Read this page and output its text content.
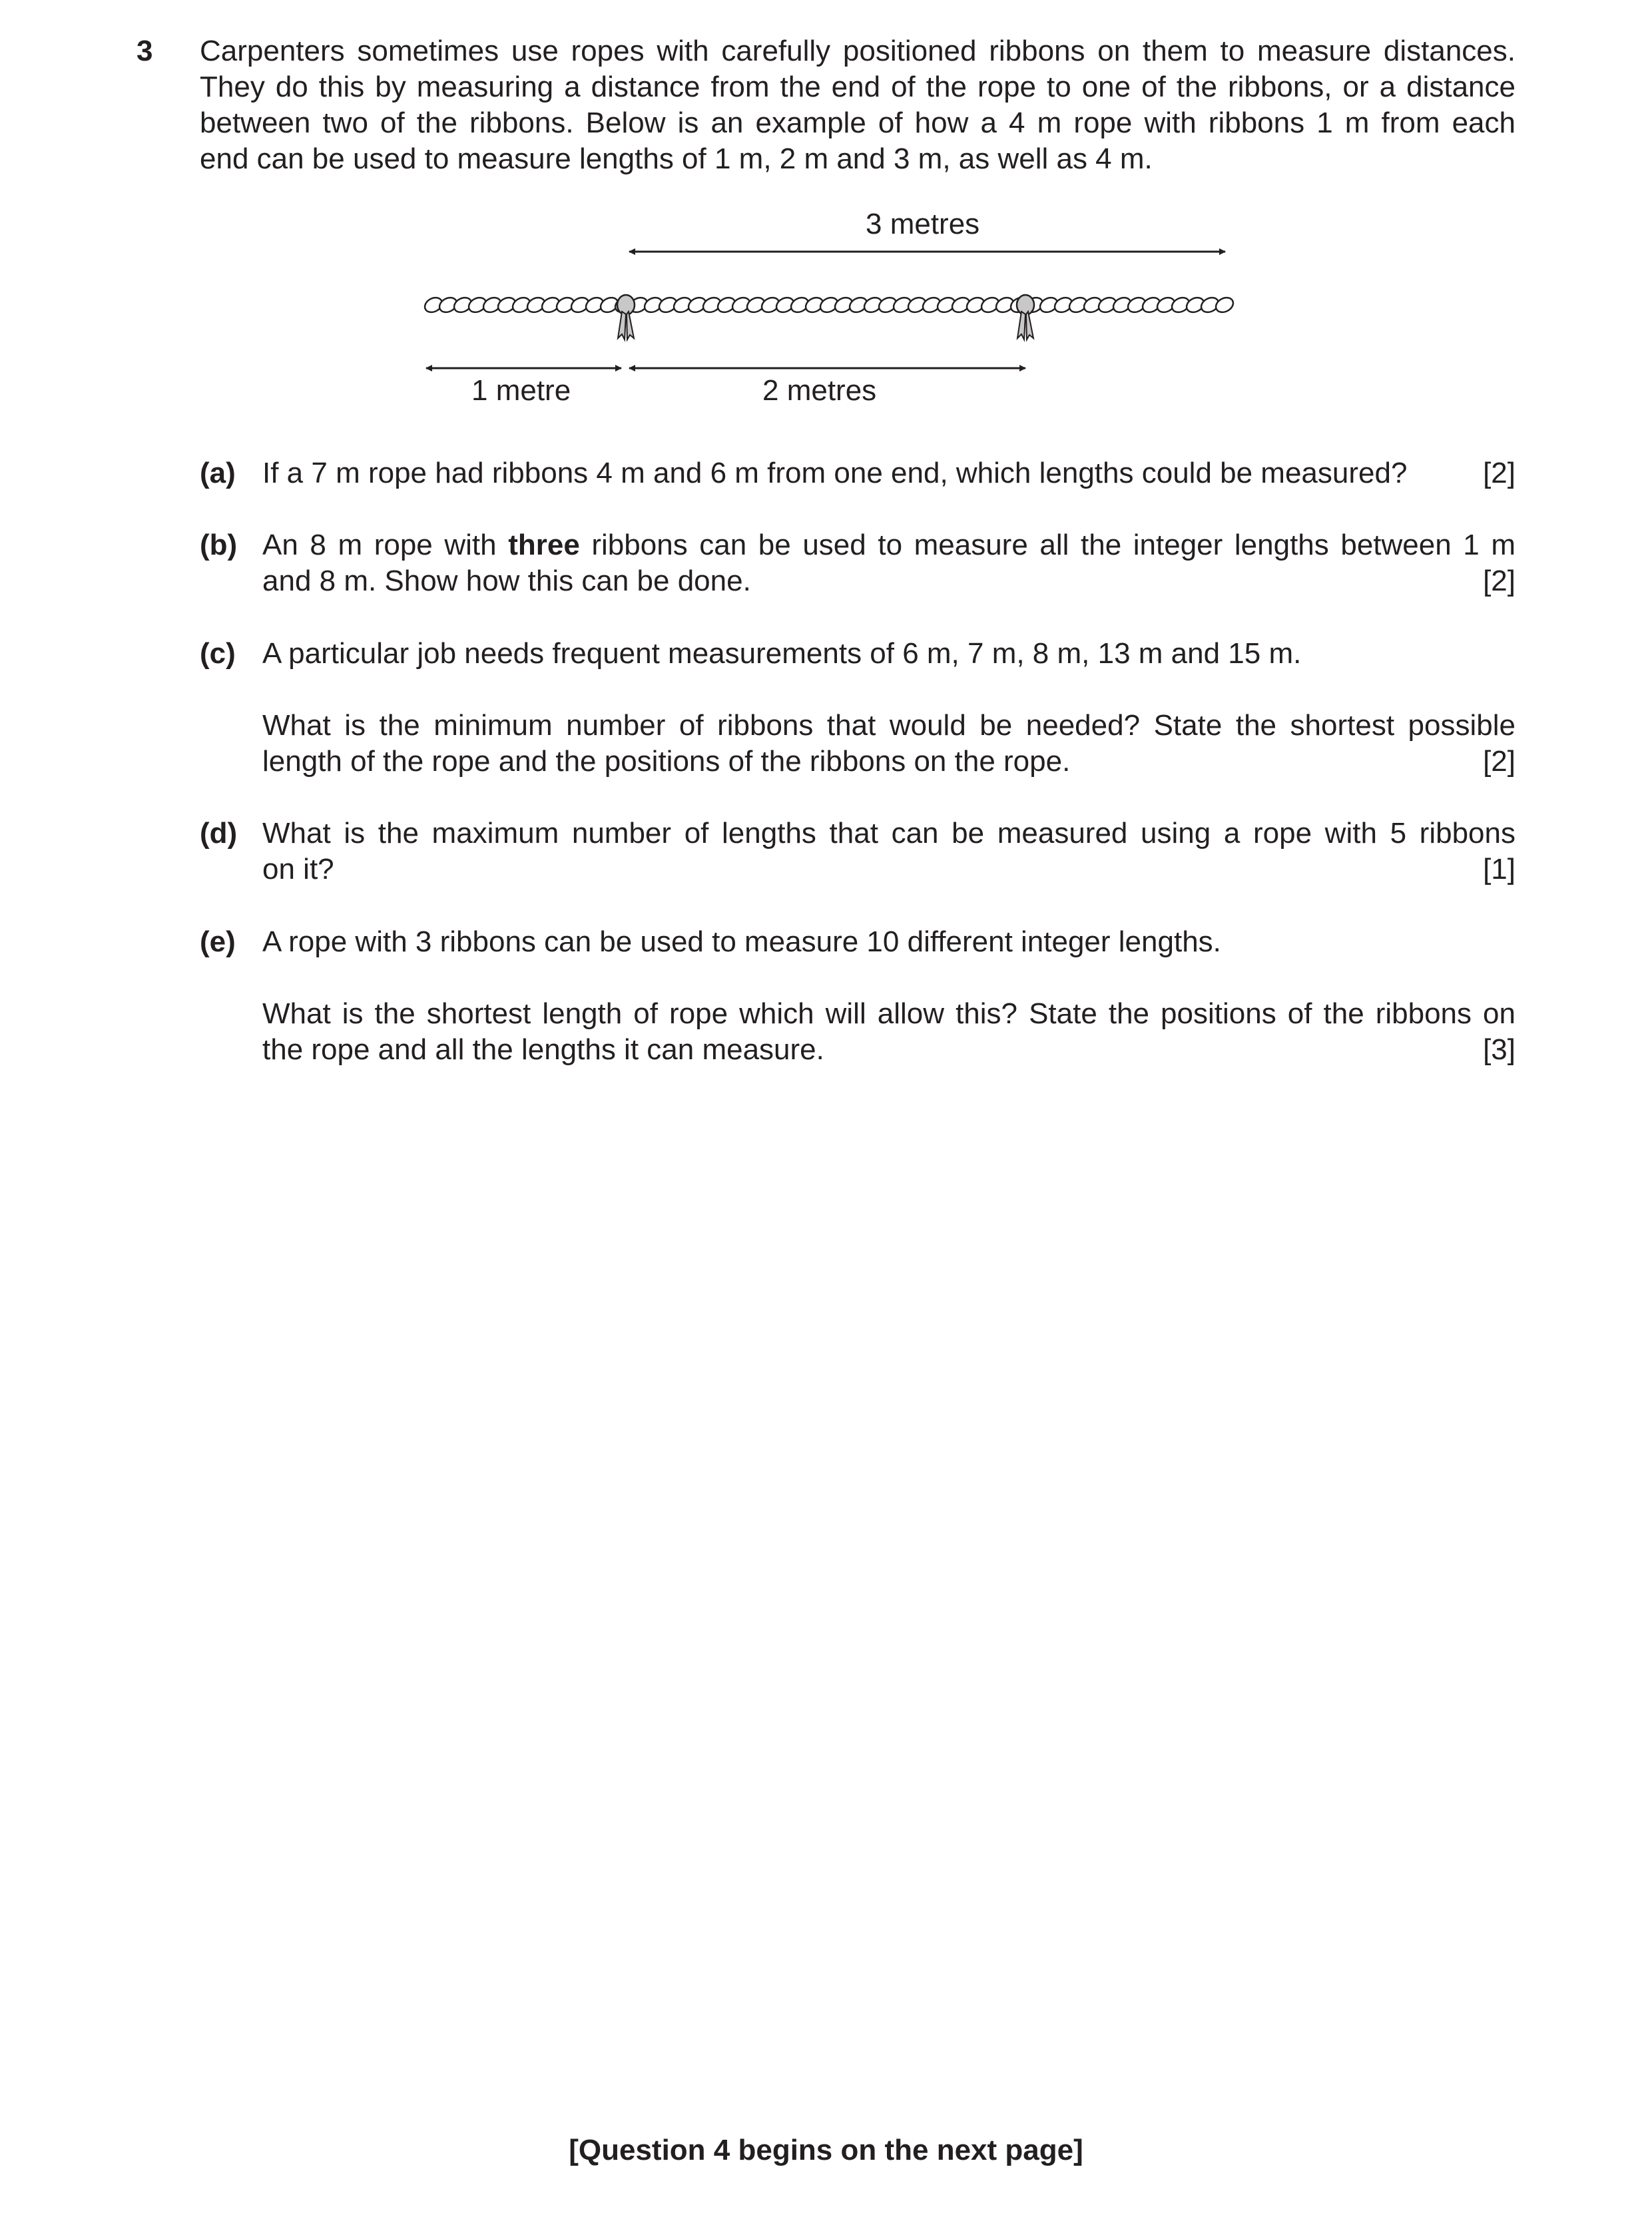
3 Carpenters sometimes use ropes with carefully positioned ribbons on them to measure distances.
They do this by measuring a distance from the end of the rope to one of the ribbons, or a distance
between two of the ribbons. Below is an example of how a 4 m rope with ribbons 1 m from each
end can be used to measure lengths of 1 m, 2 m and 3 m, as well as 4 m.
3 metres
1 metre	2 metres
(a) If a 7 m rope had ribbons 4 m and 6 m from one end, which lengths could be measured?	[2]
(b) An 8 m rope with three ribbons can be used to measure all the integer lengths between 1 m
and 8 m. Show how this can be done.	[2]
(c) A particular job needs frequent measurements of 6 m, 7 m, 8 m, 13 m and 15 m.
What is the minimum number of ribbons that would be needed? State the shortest possible
length of the rope and the positions of the ribbons on the rope.	[2]
(d) What is the maximum number of lengths that can be measured using a rope with 5 ribbons
on it?	[1]
(e) A rope with 3 ribbons can be used to measure 10 different integer lengths.
What is the shortest length of rope which will allow this? State the positions of the ribbons on
the rope and all the lengths it can measure.	[3]
[Question 4 begins on the next page]
